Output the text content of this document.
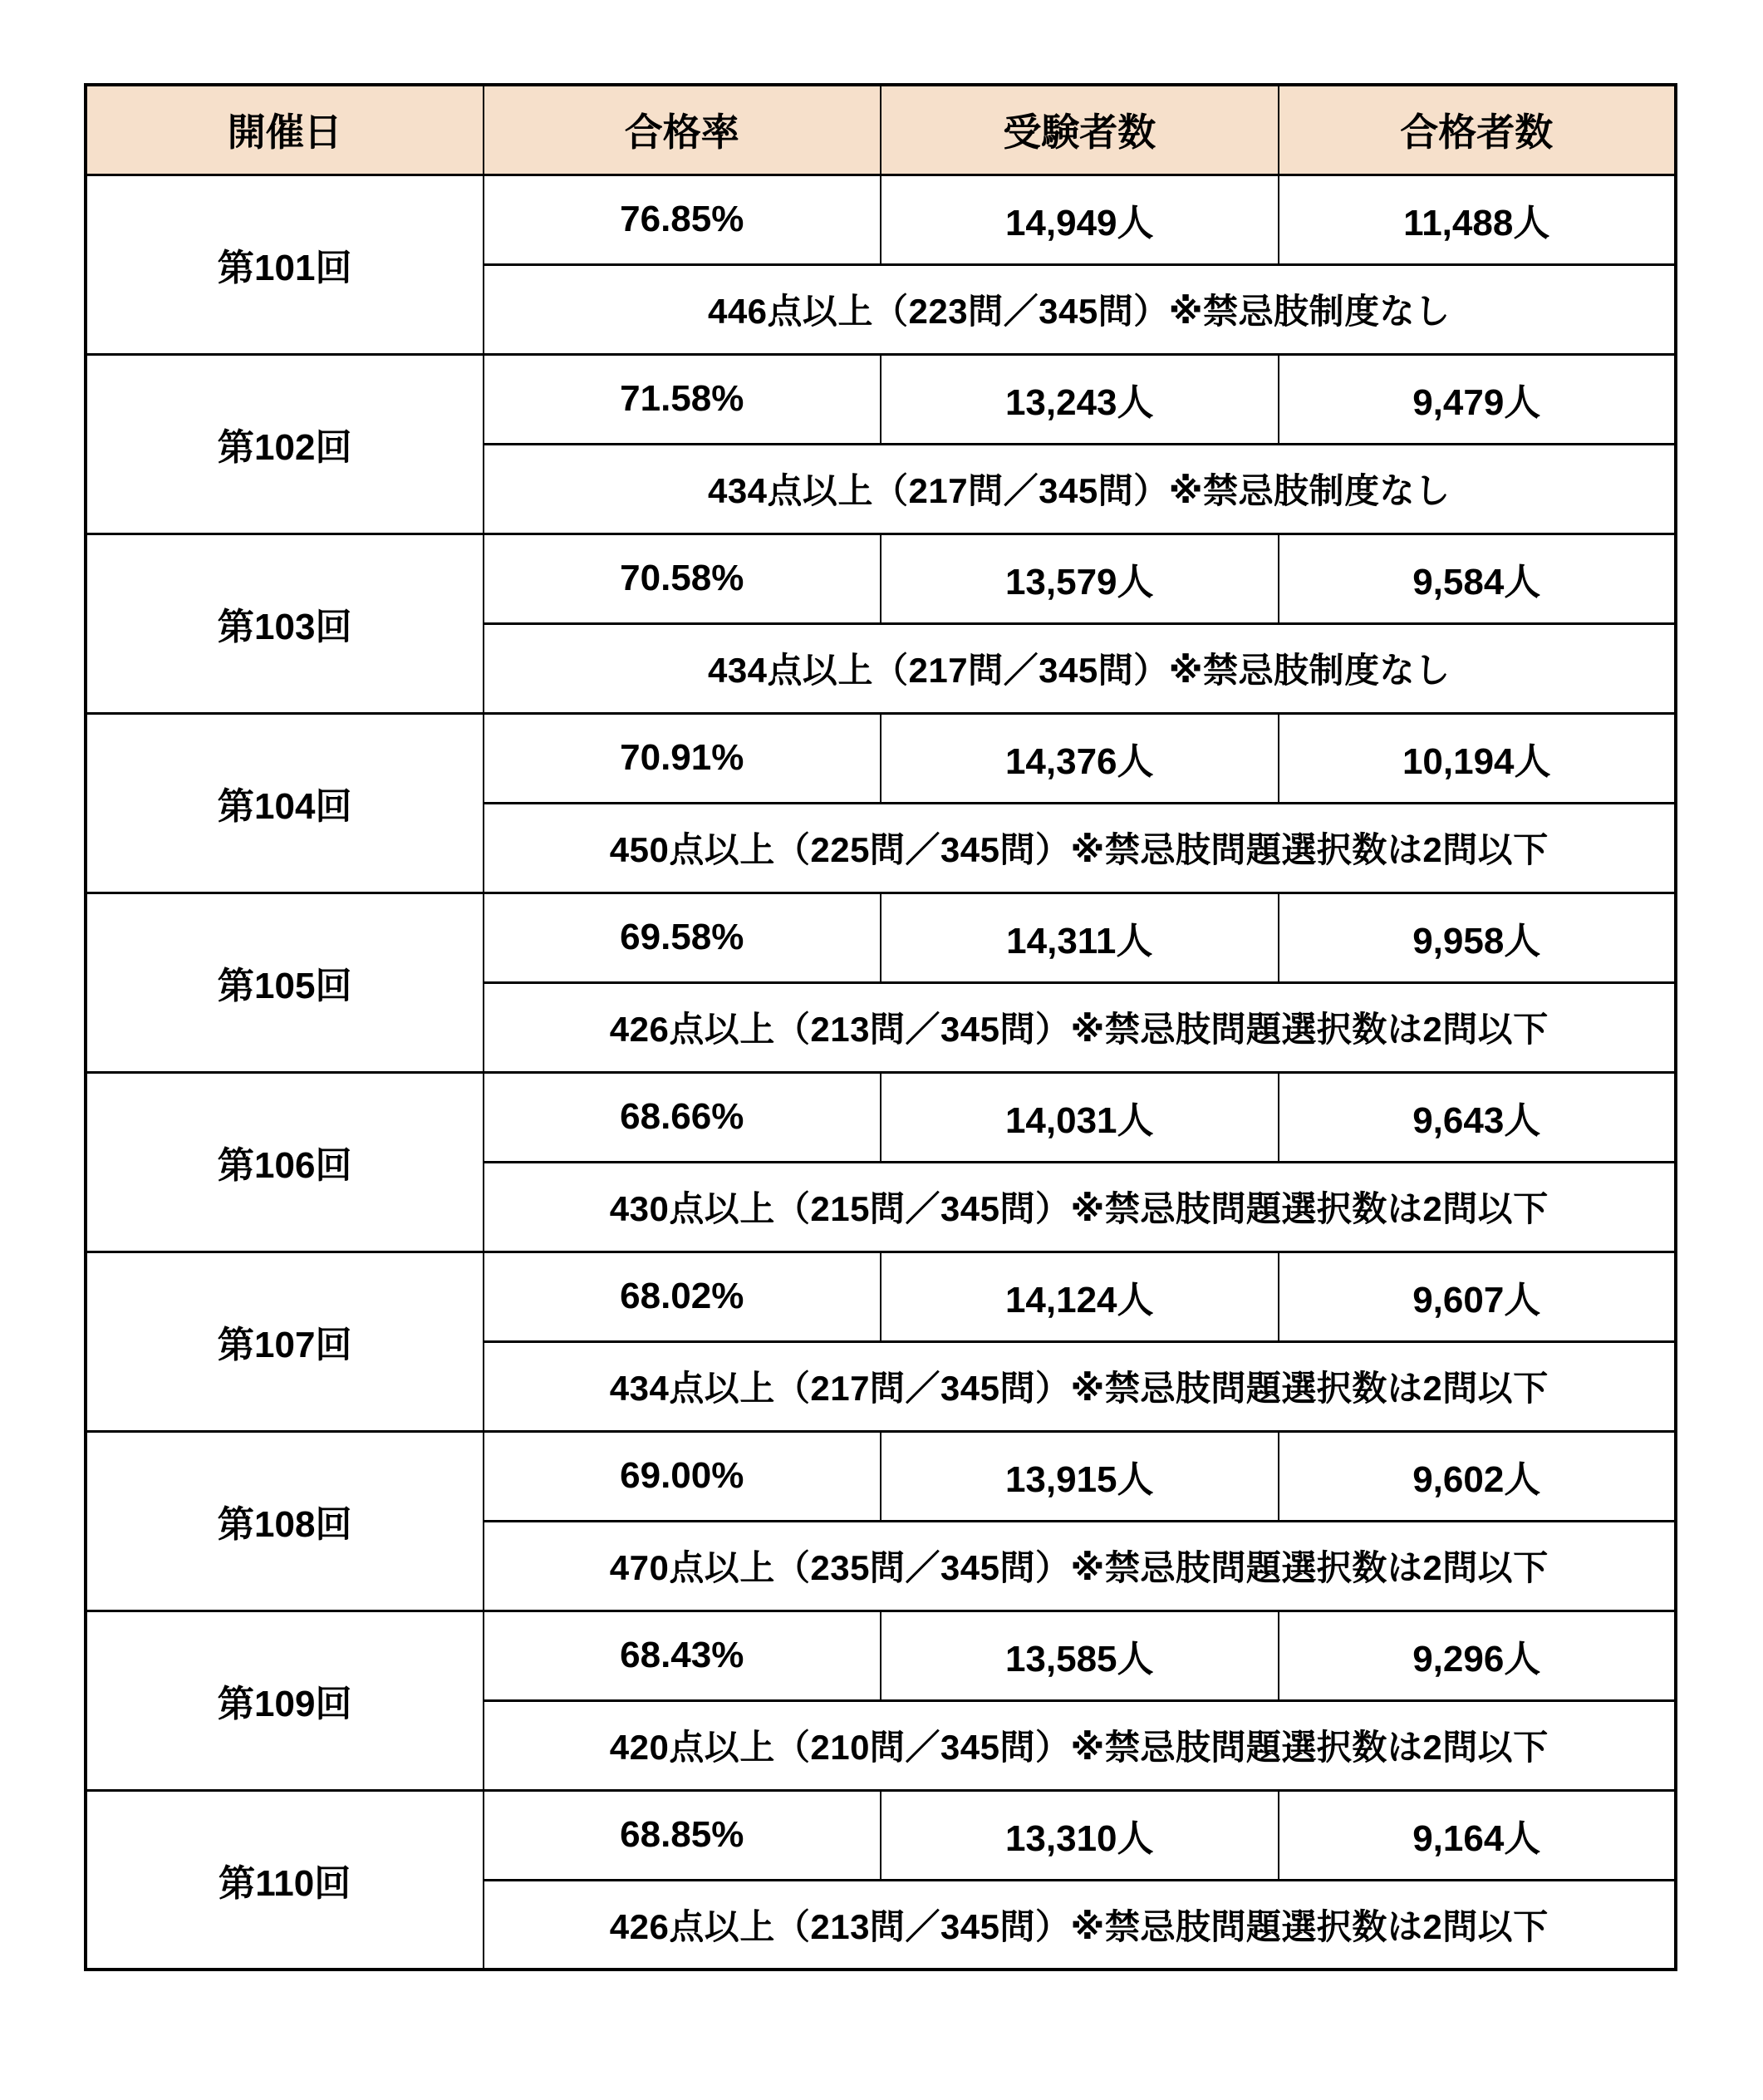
開催日	合格率	受験者数	合格者数
第101回	76.85%	14,949人	11,488人
	446点以上（223問／345問）※禁忌肢制度なし		
第102回	71.58%	13,243人	9,479人
	434点以上（217問／345問）※禁忌肢制度なし		
第103回	70.58%	13,579人	9,584人
	434点以上（217問／345問）※禁忌肢制度なし		
第104回	70.91%	14,376人	10,194人
	450点以上（225問／345問）※禁忌肢問題選択数は2問以下		
第105回	69.58%	14,311人	9,958人
	426点以上（213問／345問）※禁忌肢問題選択数は2問以下		
第106回	68.66%	14,031人	9,643人
	430点以上（215問／345問）※禁忌肢問題選択数は2問以下		
第107回	68.02%	14,124人	9,607人
	434点以上（217問／345問）※禁忌肢問題選択数は2問以下		
第108回	69.00%	13,915人	9,602人
	470点以上（235問／345問）※禁忌肢問題選択数は2問以下		
第109回	68.43%	13,585人	9,296人
	420点以上（210問／345問）※禁忌肢問題選択数は2問以下		
第110回	68.85%	13,310人	9,164人
	426点以上（213問／345問）※禁忌肢問題選択数は2問以下		
